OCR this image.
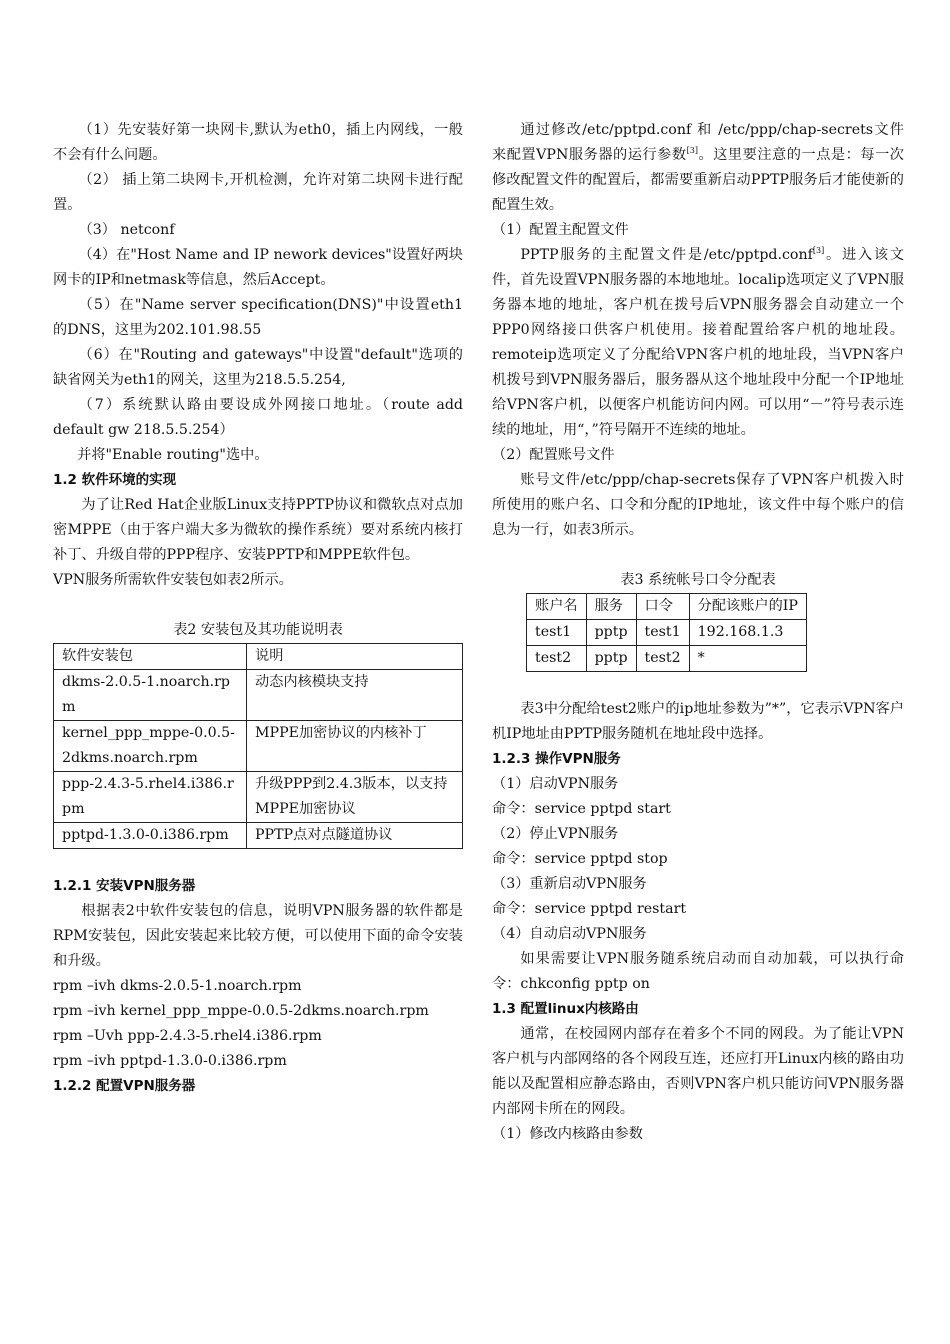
（1）先安装好第一块网卡,默认为eth0，插上内网线，一般不会有什么问题。

（2） 插上第二块网卡,开机检测，允许对第二块网卡进行配置。

（3） netconf

（4）在"Host Name and IP nework devices"设置好两块网卡的IP和netmask等信息，然后Accept。

（5）在"Name server specification(DNS)"中设置eth1的DNS，这里为202.101.98.55

（6）在"Routing and gateways"中设置"default"选项的缺省网关为eth1的网关，这里为218.5.5.254,

（7）系统默认路由要设成外网接口地址。（route add default gw 218.5.5.254）

并将"Enable routing"选中。

1.2 软件环境的实现

为了让Red Hat企业版Linux支持PPTP协议和微软点对点加密MPPE（由于客户端大多为微软的操作系统）要对系统内核打补丁、升级自带的PPP程序、安装PPTP和MPPE软件包。

VPN服务所需软件安装包如表2所示。

表2 安装包及其功能说明表

软件安装包	说明
dkms-2.0.5-1.noarch.rpm	动态内核模块支持
kernel_ppp_mppe-0.0.5-2dkms.noarch.rpm	MPPE加密协议的内核补丁
ppp-2.4.3-5.rhel4.i386.rpm	升级PPP到2.4.3版本，以支持MPPE加密协议
pptpd-1.3.0-0.i386.rpm	PPTP点对点隧道协议

1.2.1 安装VPN服务器

根据表2中软件安装包的信息，说明VPN服务器的软件都是RPM安装包，因此安装起来比较方便，可以使用下面的命令安装和升级。

rpm –ivh dkms-2.0.5-1.noarch.rpm

rpm –ivh kernel_ppp_mppe-0.0.5-2dkms.noarch.rpm

rpm –Uvh ppp-2.4.3-5.rhel4.i386.rpm

rpm –ivh pptpd-1.3.0-0.i386.rpm

1.2.2 配置VPN服务器

通过修改/etc/pptpd.conf 和 /etc/ppp/chap-secrets文件来配置VPN服务器的运行参数[3]。这里要注意的一点是：每一次修改配置文件的配置后，都需要重新启动PPTP服务后才能使新的配置生效。

（1）配置主配置文件

PPTP服务的主配置文件是/etc/pptpd.conf[3]。进入该文件，首先设置VPN服务器的本地地址。localip选项定义了VPN服务器本地的地址，客户机在拨号后VPN服务器会自动建立一个PPP0网络接口供客户机使用。接着配置给客户机的地址段。remoteip选项定义了分配给VPN客户机的地址段，当VPN客户机拨号到VPN服务器后，服务器从这个地址段中分配一个IP地址给VPN客户机，以便客户机能访问内网。可以用“－”符号表示连续的地址，用“，”符号隔开不连续的地址。

（2）配置账号文件

账号文件/etc/ppp/chap-secrets保存了VPN客户机拨入时所使用的账户名、口令和分配的IP地址，该文件中每个账户的信息为一行，如表3所示。

表3 系统帐号口令分配表

账户名	服务	口令	分配该账户的IP
test1	pptp	test1	192.168.1.3
test2	pptp	test2	*

表3中分配给test2账户的ip地址参数为”*”，它表示VPN客户机IP地址由PPTP服务随机在地址段中选择。

1.2.3 操作VPN服务

（1）启动VPN服务

命令：service pptpd start

（2）停止VPN服务

命令：service pptpd stop

（3）重新启动VPN服务

命令：service pptpd restart

（4）自动启动VPN服务

如果需要让VPN服务随系统启动而自动加载，可以执行命令：chkconfig pptp on

1.3 配置linux内核路由

通常，在校园网内部存在着多个不同的网段。为了能让VPN客户机与内部网络的各个网段互连，还应打开Linux内核的路由功能以及配置相应静态路由，否则VPN客户机只能访问VPN服务器内部网卡所在的网段。

（1）修改内核路由参数
